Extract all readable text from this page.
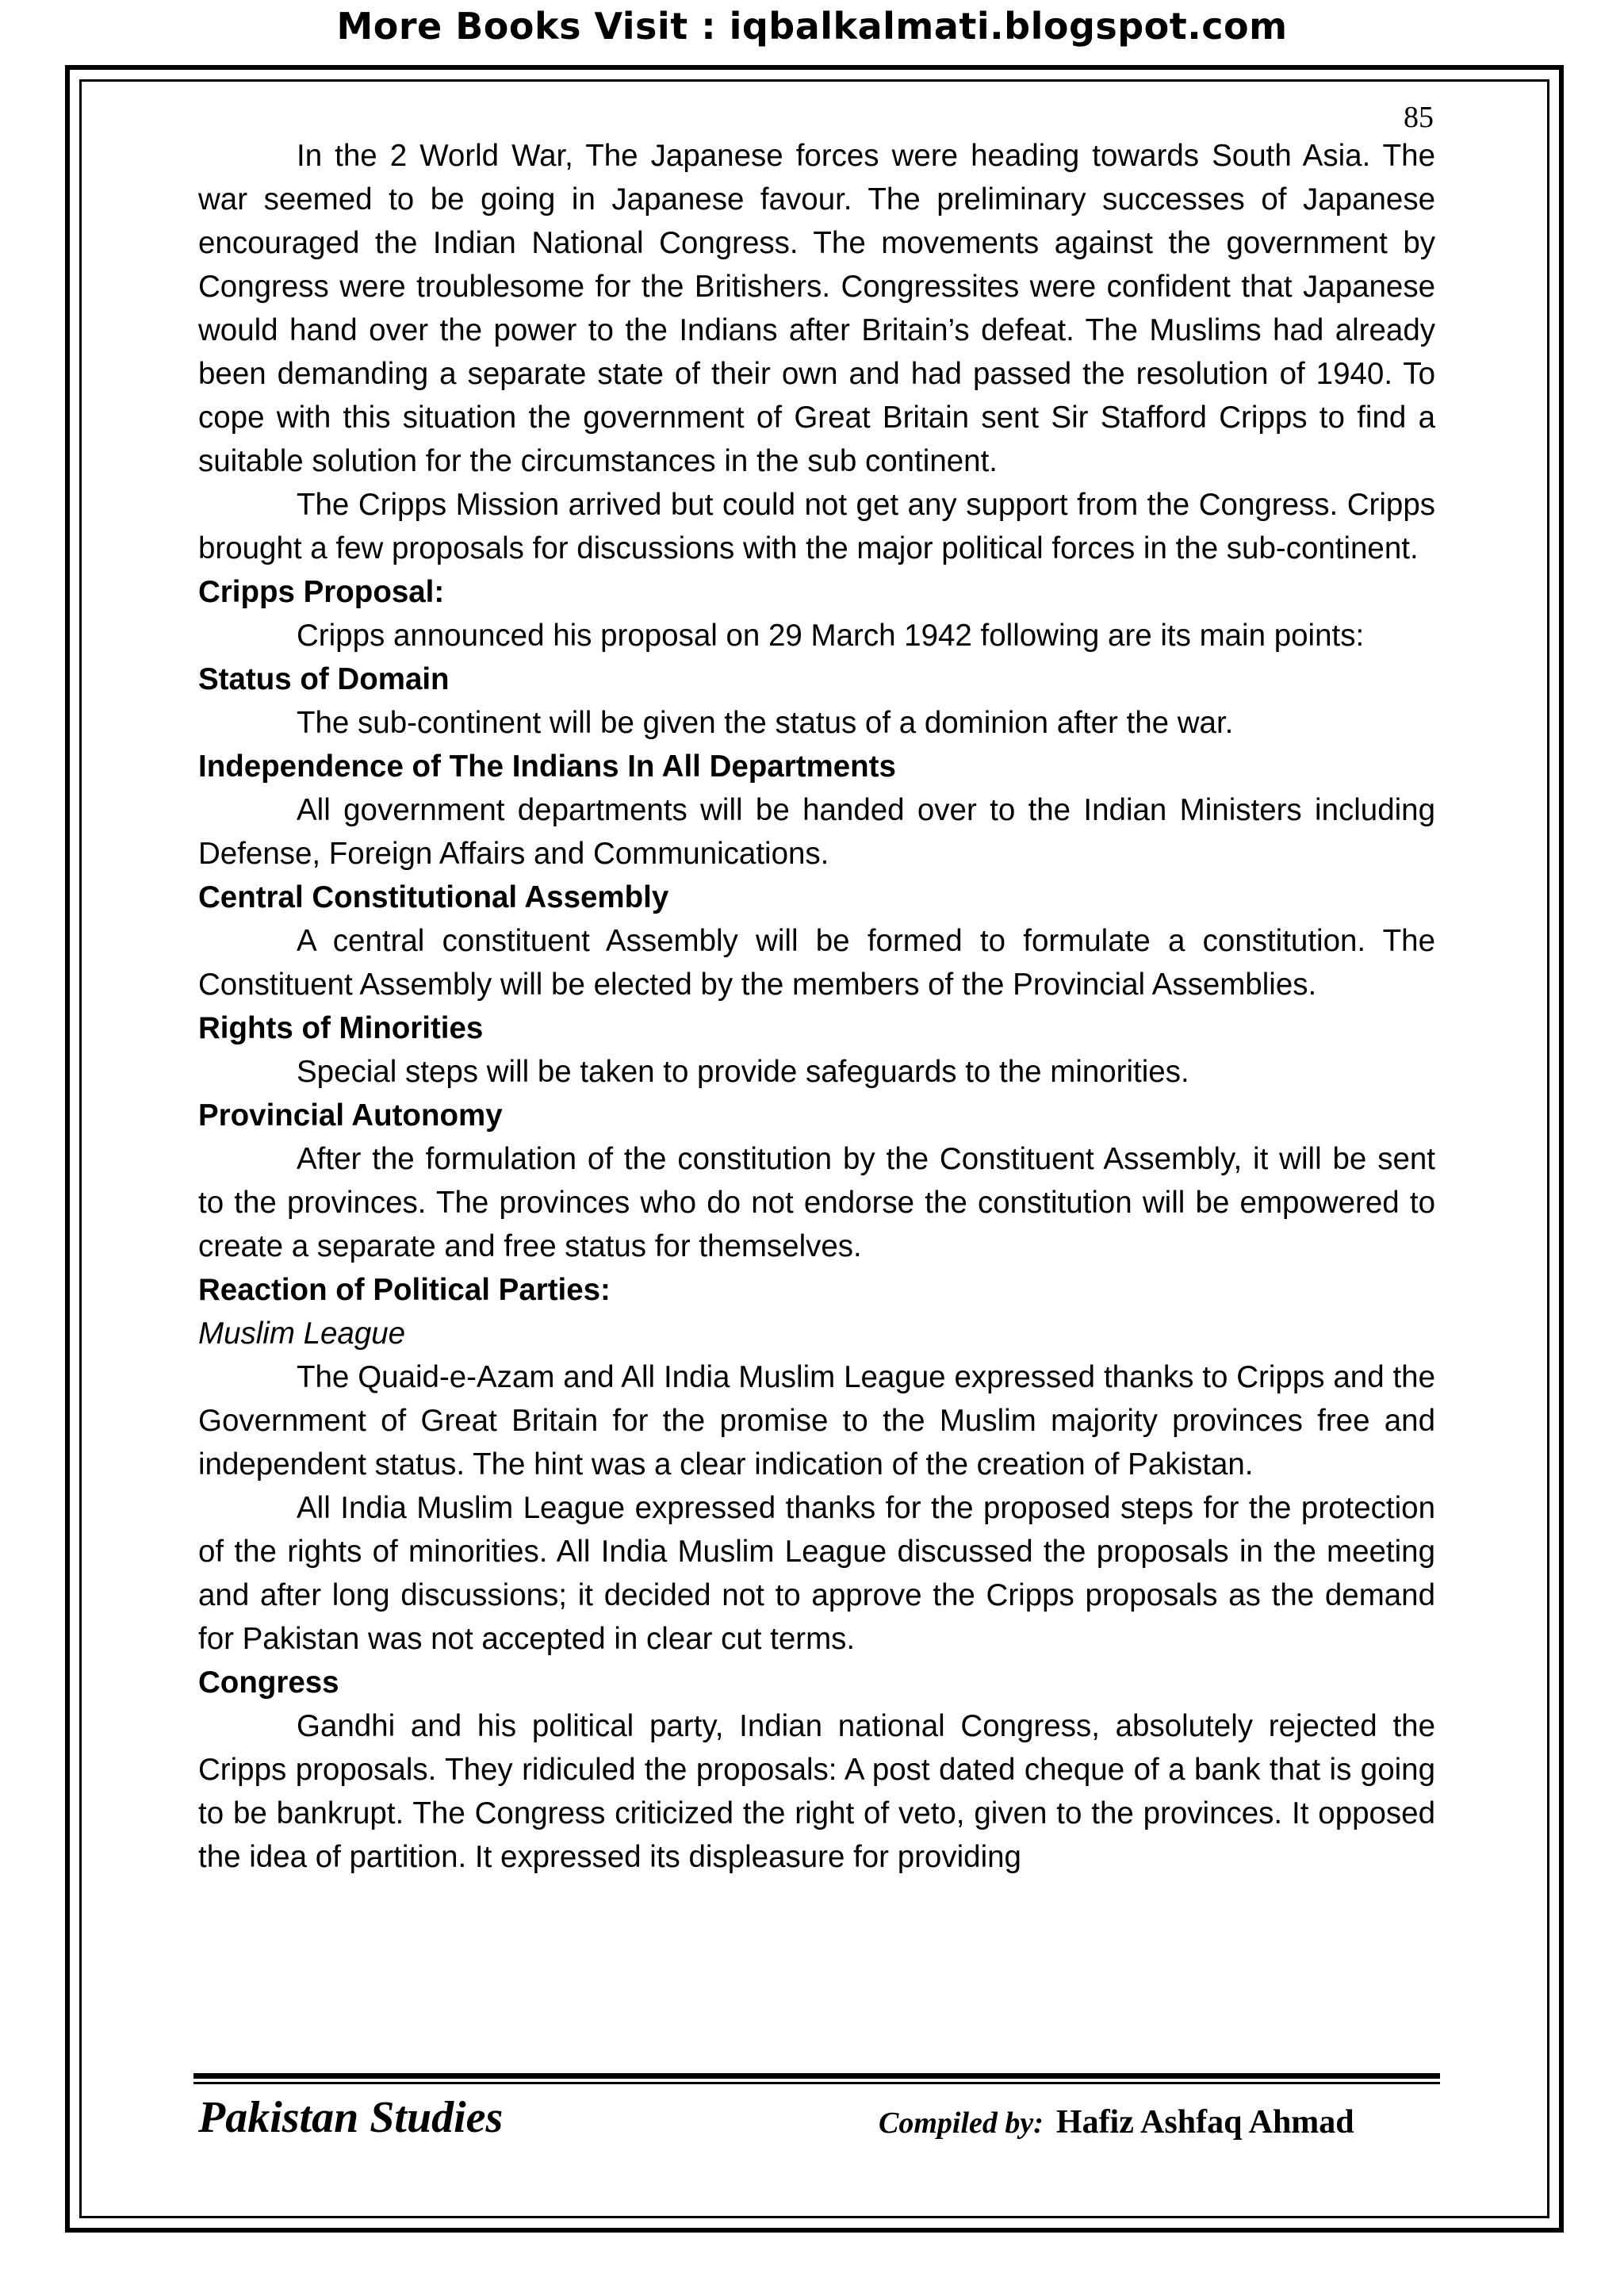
More Books Visit : iqbalkalmati.blogspot.com
85

In the 2 World War, The Japanese forces were heading towards South Asia. The war seemed to be going in Japanese favour. The preliminary successes of Japanese encouraged the Indian National Congress. The movements against the government by Congress were troublesome for the Britishers. Congressites were confident that Japanese would hand over the power to the Indians after Britain’s defeat. The Muslims had already been demanding a separate state of their own and had passed the resolution of 1940. To cope with this situation the government of Great Britain sent Sir Stafford Cripps to find a suitable solution for the circumstances in the sub continent.

The Cripps Mission arrived but could not get any support from the Congress. Cripps brought a few proposals for discussions with the major political forces in the sub-continent.

Cripps Proposal:

Cripps announced his proposal on 29 March 1942 following are its main points:

Status of Domain

The sub-continent will be given the status of a dominion after the war.

Independence of The Indians In All Departments

All government departments will be handed over to the Indian Ministers including Defense, Foreign Affairs and Communications.

Central Constitutional Assembly

A central constituent Assembly will be formed to formulate a constitution. The Constituent Assembly will be elected by the members of the Provincial Assemblies.

Rights of Minorities

Special steps will be taken to provide safeguards to the minorities.

Provincial Autonomy

After the formulation of the constitution by the Constituent Assembly, it will be sent to the provinces. The provinces who do not endorse the constitution will be empowered to create a separate and free status for themselves.

Reaction of Political Parties:
Muslim League

The Quaid-e-Azam and All India Muslim League expressed thanks to Cripps and the Government of Great Britain for the promise to the Muslim majority provinces free and independent status. The hint was a clear indication of the creation of Pakistan.

All India Muslim League expressed thanks for the proposed steps for the protection of the rights of minorities. All India Muslim League discussed the proposals in the meeting and after long discussions; it decided not to approve the Cripps proposals as the demand for Pakistan was not accepted in clear cut terms.

Congress

Gandhi and his political party, Indian national Congress, absolutely rejected the Cripps proposals. They ridiculed the proposals: A post dated cheque of a bank that is going to be bankrupt. The Congress criticized the right of veto, given to the provinces. It opposed the idea of partition. It expressed its displeasure for providing

Pakistan Studies	Compiled by: Hafiz Ashfaq Ahmad
